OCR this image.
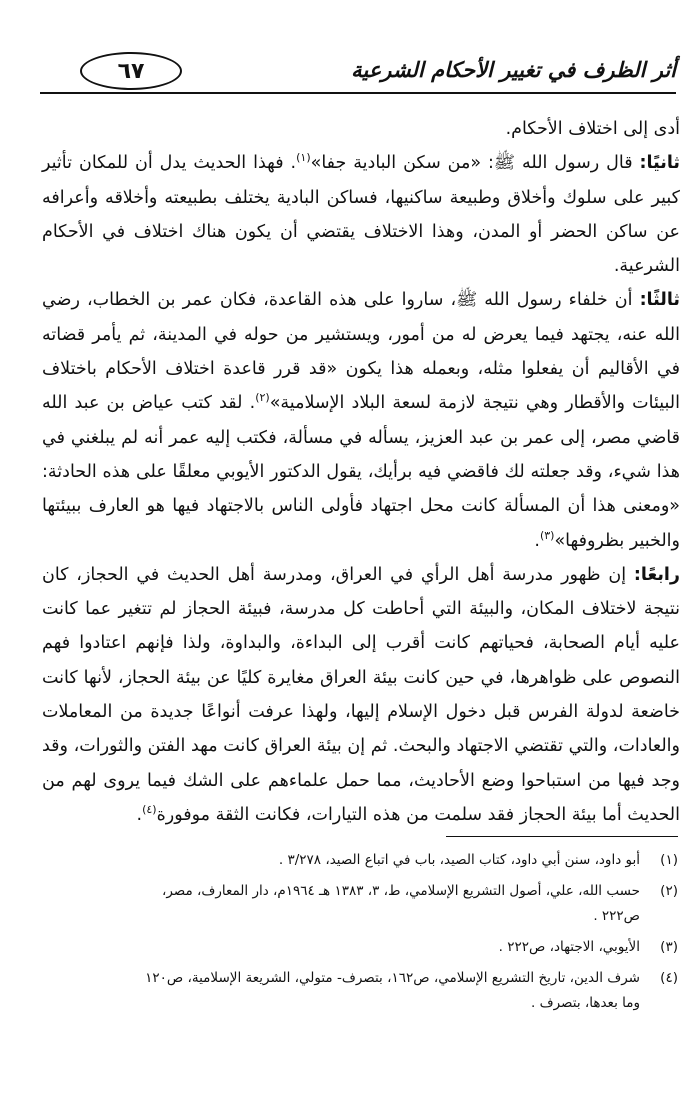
٦٧	أثر الظرف في تغيير الأحكام الشرعية

أدى إلى اختلاف الأحكام.

ثانيًا: قال رسول الله ﷺ: «من سكن البادية جفا»$^{(١)}$. فهذا الحديث يدل أن للمكان تأثير كبير على سلوك وأخلاق وطبيعة ساكنيها، فساكن البادية يختلف بطبيعته وأخلاقه وأعرافه عن ساكن الحضر أو المدن، وهذا الاختلاف يقتضي أن يكون هناك اختلاف في الأحكام الشرعية.

ثالثًا: أن خلفاء رسول الله ﷺ، ساروا على هذه القاعدة، فكان عمر بن الخطاب، رضي الله عنه، يجتهد فيما يعرض له من أمور، ويستشير من حوله في المدينة، ثم يأمر قضاته في الأقاليم أن يفعلوا مثله، وبعمله هذا يكون «قد قرر قاعدة اختلاف الأحكام باختلاف البيئات والأقطار وهي نتيجة لازمة لسعة البلاد الإسلامية»$^{(٢)}$. لقد كتب عياض بن عبد الله قاضي مصر، إلى عمر بن عبد العزيز، يسأله في مسألة، فكتب إليه عمر أنه لم يبلغني في هذا شيء، وقد جعلته لك فاقضي فيه برأيك، يقول الدكتور الأيوبي معلقًا على هذه الحادثة: «ومعنى هذا أن المسألة كانت محل اجتهاد فأولى الناس بالاجتهاد فيها هو العارف ببيئتها والخبير بظروفها»$^{(٣)}$.

رابعًا: إن ظهور مدرسة أهل الرأي في العراق، ومدرسة أهل الحديث في الحجاز، كان نتيجة لاختلاف المكان، والبيئة التي أحاطت كل مدرسة، فبيئة الحجاز لم تتغير عما كانت عليه أيام الصحابة، فحياتهم كانت أقرب إلى البداءة، والبداوة، ولذا فإنهم اعتادوا فهم النصوص على ظواهرها، في حين كانت بيئة العراق مغايرة كليًا عن بيئة الحجاز، لأنها كانت خاضعة لدولة الفرس قبل دخول الإسلام إليها، ولهذا عرفت أنواعًا جديدة من المعاملات والعادات، والتي تقتضي الاجتهاد والبحث. ثم إن بيئة العراق كانت مهد الفتن والثورات، وقد وجد فيها من استباحوا وضع الأحاديث، مما حمل علماءهم على الشك فيما يروى لهم من الحديث أما بيئة الحجاز فقد سلمت من هذه التيارات، فكانت الثقة موفورة$^{(٤)}$.

(١)
أبو داود، سنن أبي داود، كتاب الصيد، باب في اتباع الصيد، ٣/٢٧٨ .
(٢)
حسب الله، علي، أصول التشريع الإسلامي، ط، ٣، ١٣٨٣ هـ ١٩٦٤م، دار المعارف، مصر،
ص٢٢٢ .
(٣)
الأيوبي، الاجتهاد، ص٢٢٢ .
(٤)
شرف الدين، تاريخ التشريع الإسلامي، ص١٦٢، بتصرف- متولي، الشريعة الإسلامية، ص١٢٠
وما بعدها، بتصرف .
